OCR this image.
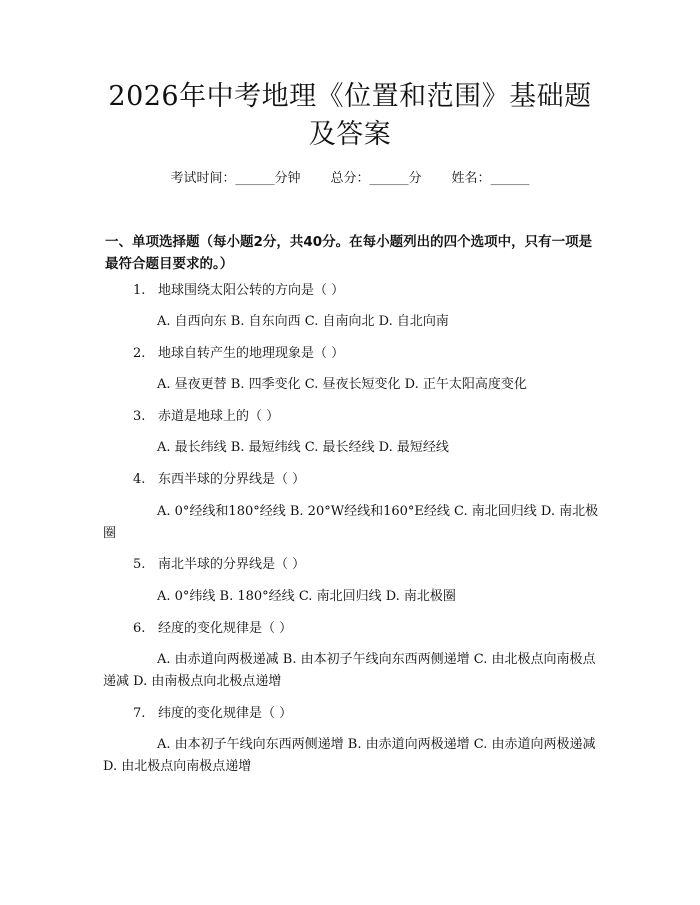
2026年中考地理《位置和范围》基础题及答案
考试时间：______分钟 总分：______分 姓名：______
一、单项选择题（每小题2分，共40分。在每小题列出的四个选项中，只有一项是最符合题目要求的。）
1. 地球围绕太阳公转的方向是（ ）
A. 自西向东 B. 自东向西 C. 自南向北 D. 自北向南
2. 地球自转产生的地理现象是（ ）
A. 昼夜更替 B. 四季变化 C. 昼夜长短变化 D. 正午太阳高度变化
3. 赤道是地球上的（ ）
A. 最长纬线 B. 最短纬线 C. 最长经线 D. 最短经线
4. 东西半球的分界线是（ ）
A. 0°经线和180°经线 B. 20°W经线和160°E经线 C. 南北回归线 D. 南北极圈
5. 南北半球的分界线是（ ）
A. 0°纬线 B. 180°经线 C. 南北回归线 D. 南北极圈
6. 经度的变化规律是（ ）
A. 由赤道向两极递减 B. 由本初子午线向东西两侧递增 C. 由北极点向南极点递减 D. 由南极点向北极点递增
7. 纬度的变化规律是（ ）
A. 由本初子午线向东西两侧递增 B. 由赤道向两极递增 C. 由赤道向两极递减 D. 由北极点向南极点递增
